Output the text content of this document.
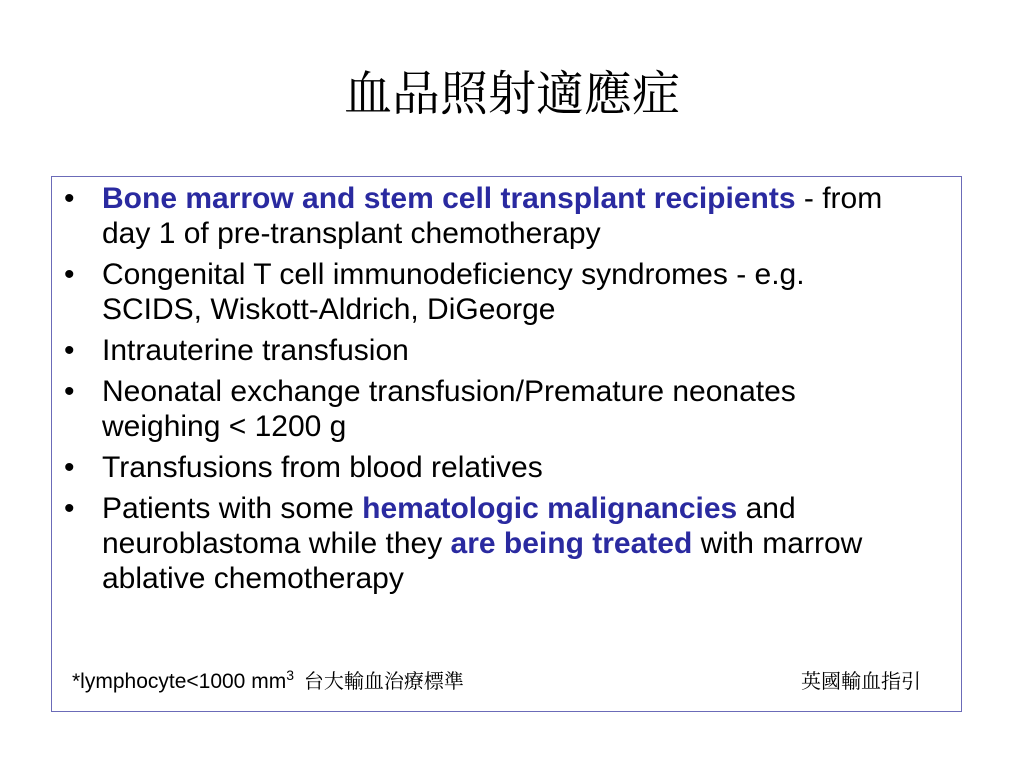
血品照射適應症
• Bone marrow and stem cell transplant recipients - from day 1 of pre-transplant chemotherapy
• Congenital T cell immunodeficiency syndromes - e.g. SCIDS, Wiskott-Aldrich, DiGeorge
• Intrauterine transfusion
• Neonatal exchange transfusion/Premature neonates weighing < 1200 g
• Transfusions from blood relatives
• Patients with some hematologic malignancies and neuroblastoma while they are being treated with marrow ablative chemotherapy
*lymphocyte<1000 $mm^3$ 台大輸血治療標準	英國輸血指引
